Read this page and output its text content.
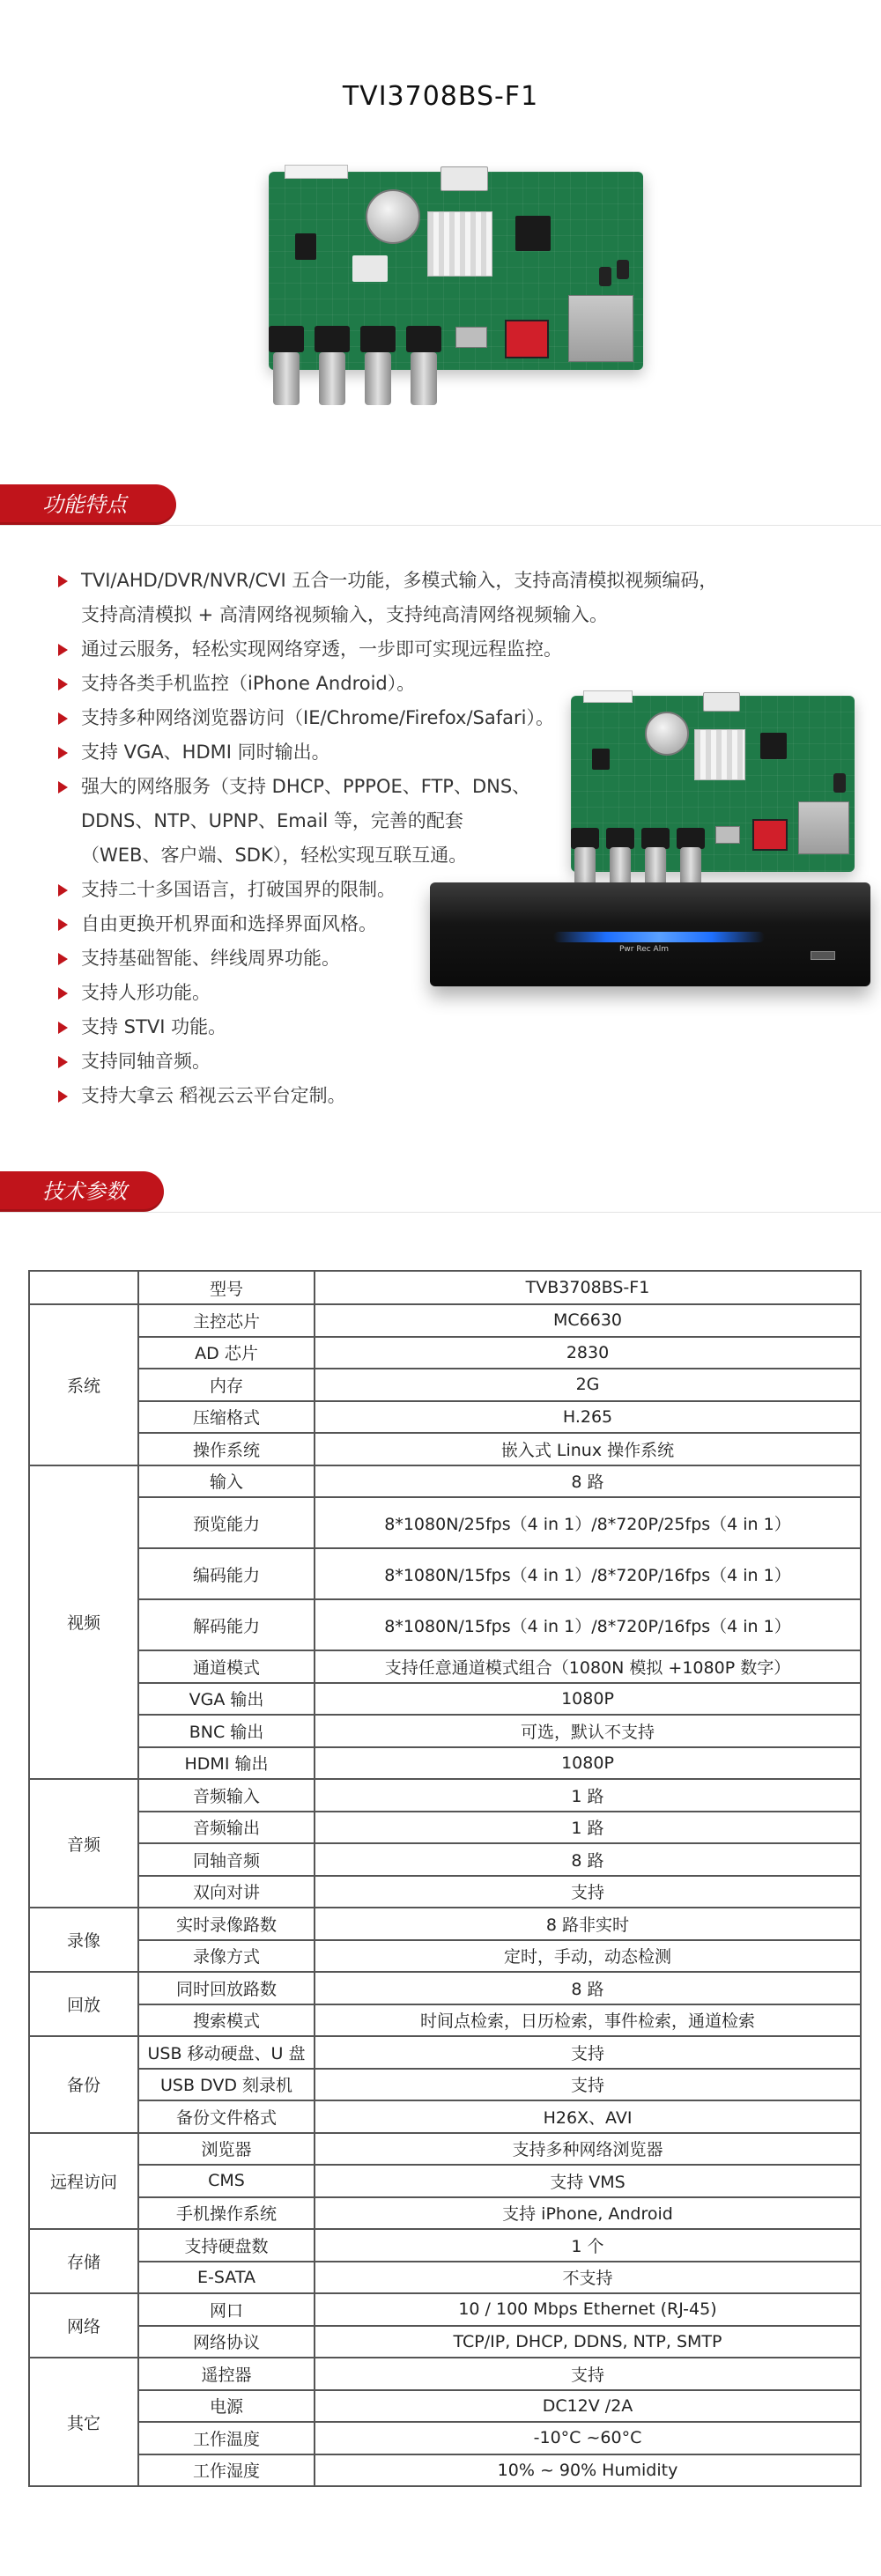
TVI3708BS-F1
功能特点
TVI/AHD/DVR/NVR/CVI 五合一功能，多模式输入，支持高清模拟视频编码，
支持高清模拟 + 高清网络视频输入，支持纯高清网络视频输入。
通过云服务，轻松实现网络穿透，一步即可实现远程监控。
支持各类手机监控（iPhone Android）。
支持多种网络浏览器访问（IE/Chrome/Firefox/Safari）。
支持 VGA、HDMI 同时输出。
强大的网络服务（支持 DHCP、PPPOE、FTP、DNS、
DDNS、NTP、UPNP、Email 等，完善的配套
（WEB、客户端、SDK），轻松实现互联互通。
支持二十多国语言，打破国界的限制。
自由更换开机界面和选择界面风格。
支持基础智能、绊线周界功能。
支持人形功能。
支持 STVI 功能。
支持同轴音频。
支持大拿云 稻视云云平台定制。
Pwr Rec Alm
技术参数
	型号	TVB3708BS-F1
系统	主控芯片	MC6630
	AD 芯片	2830
	内存	2G
	压缩格式	H.265
	操作系统	嵌入式 Linux 操作系统
视频	输入	8 路
	预览能力	8*1080N/25fps（4 in 1）/8*720P/25fps（4 in 1）
	编码能力	8*1080N/15fps（4 in 1）/8*720P/16fps（4 in 1）
	解码能力	8*1080N/15fps（4 in 1）/8*720P/16fps（4 in 1）
	通道模式	支持任意通道模式组合（1080N 模拟 +1080P 数字）
	VGA 输出	1080P
	BNC 输出	可选，默认不支持
	HDMI 输出	1080P
音频	音频输入	1 路
	音频输出	1 路
	同轴音频	8 路
	双向对讲	支持
录像	实时录像路数	8 路非实时
	录像方式	定时，手动，动态检测
回放	同时回放路数	8 路
	搜索模式	时间点检索，日历检索，事件检索，通道检索
备份	USB 移动硬盘、U 盘	支持
	USB DVD 刻录机	支持
	备份文件格式	H26X、AVI
远程访问	浏览器	支持多种网络浏览器
	CMS	支持 VMS
	手机操作系统	支持 iPhone, Android
存储	支持硬盘数	1 个
	E-SATA	不支持
网络	网口	10 / 100 Mbps Ethernet (RJ-45)
	网络协议	TCP/IP, DHCP, DDNS, NTP, SMTP
其它	遥控器	支持
	电源	DC12V /2A
	工作温度	-10°C ~60°C
	工作湿度	10% ~ 90% Humidity
